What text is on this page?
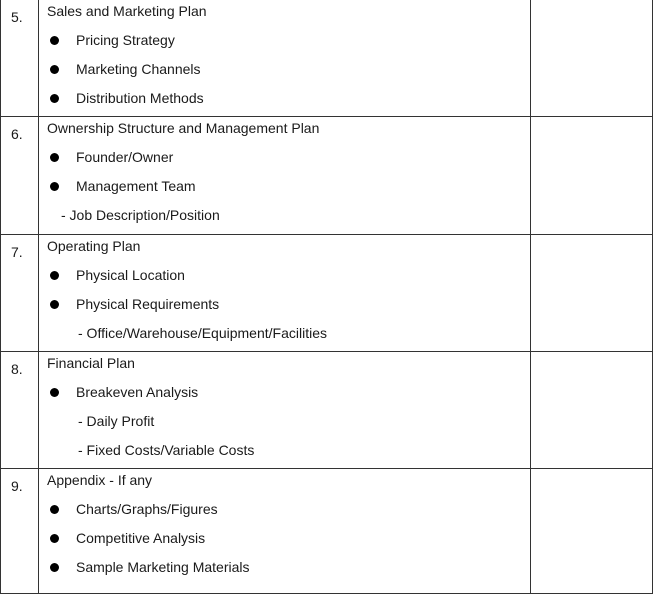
5.	Sales and Marketing Plan
Pricing Strategy
Marketing Channels
Distribution Methods	

6.	Ownership Structure and Management Plan
Founder/Owner
Management Team
- Job Description/Position	

7.	Operating Plan
Physical Location
Physical Requirements
- Office/Warehouse/Equipment/Facilities	

8.	Financial Plan
Breakeven Analysis
- Daily Profit
- Fixed Costs/Variable Costs	

9.	Appendix - If any
Charts/Graphs/Figures
Competitive Analysis
Sample Marketing Materials	
